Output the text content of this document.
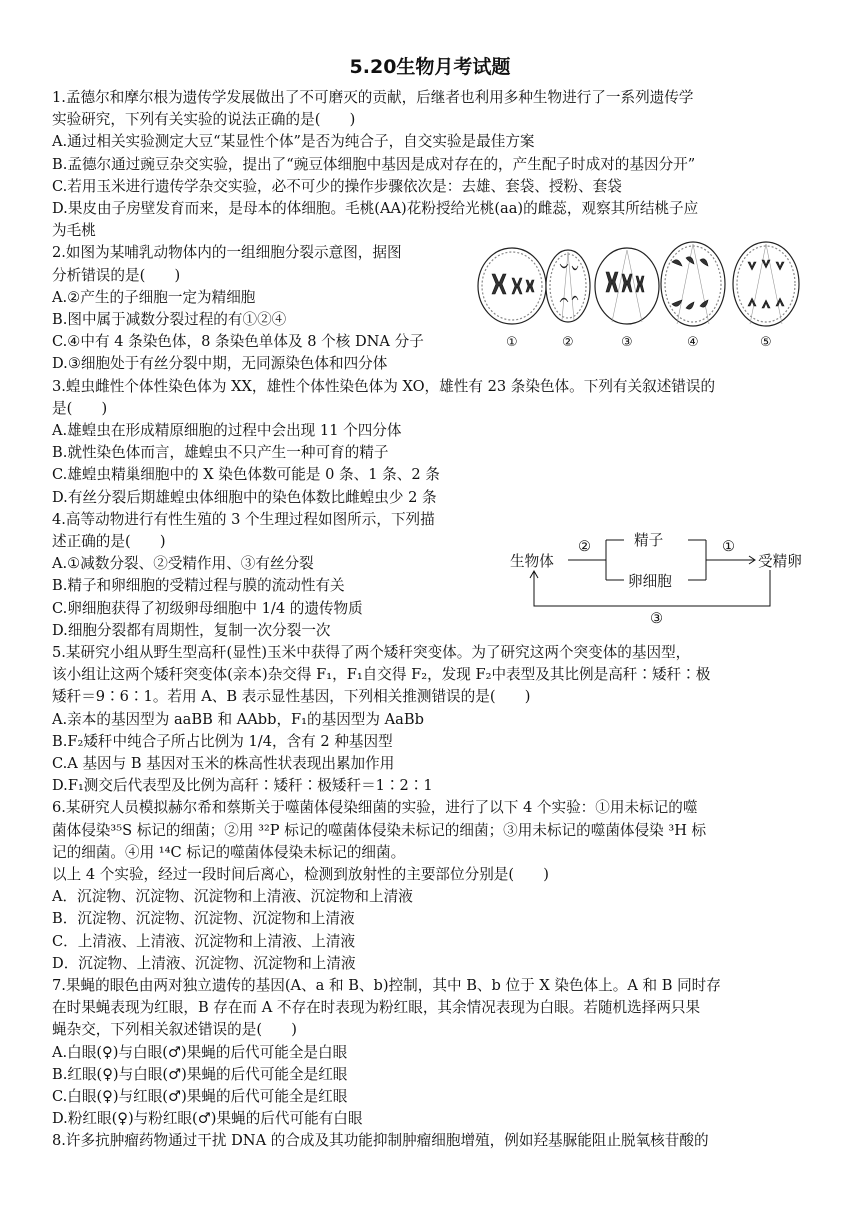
5.20生物月考试题
1.孟德尔和摩尔根为遗传学发展做出了不可磨灭的贡献，后继者也利用多种生物进行了一系列遗传学
实验研究，下列有关实验的说法正确的是(　　)
A.通过相关实验测定大豆“某显性个体”是否为纯合子，自交实验是最佳方案
B.孟德尔通过豌豆杂交实验，提出了“豌豆体细胞中基因是成对存在的，产生配子时成对的基因分开”
C.若用玉米进行遗传学杂交实验，必不可少的操作步骤依次是：去雄、套袋、授粉、套袋
D.果皮由子房壁发育而来，是母本的体细胞。毛桃(AA)花粉授给光桃(aa)的雌蕊，观察其所结桃子应
为毛桃
2.如图为某哺乳动物体内的一组细胞分裂示意图，据图
分析错误的是(　　)
A.②产生的子细胞一定为精细胞
B.图中属于减数分裂过程的有①②④
C.④中有 4 条染色体，8 条染色单体及 8 个核 DNA 分子
D.③细胞处于有丝分裂中期，无同源染色体和四分体
3.蝗虫雌性个体性染色体为 XX，雄性个体性染色体为 XO，雄性有 23 条染色体。下列有关叙述错误的
是(　　)
A.雄蝗虫在形成精原细胞的过程中会出现 11 个四分体
B.就性染色体而言，雄蝗虫不只产生一种可育的精子
C.雄蝗虫精巢细胞中的 X 染色体数可能是 0 条、1 条、2 条
D.有丝分裂后期雄蝗虫体细胞中的染色体数比雌蝗虫少 2 条
4.高等动物进行有性生殖的 3 个生理过程如图所示，下列描
述正确的是(　　)
A.①减数分裂、②受精作用、③有丝分裂
B.精子和卵细胞的受精过程与膜的流动性有关
C.卵细胞获得了初级卵母细胞中 1/4 的遗传物质
D.细胞分裂都有周期性，复制一次分裂一次
5.某研究小组从野生型高秆(显性)玉米中获得了两个矮秆突变体。为了研究这两个突变体的基因型，
该小组让这两个矮秆突变体(亲本)杂交得 F₁，F₁自交得 F₂，发现 F₂中表型及其比例是高秆∶矮秆∶极
矮秆＝9∶6∶1。若用 A、B 表示显性基因，下列相关推测错误的是(　　)
A.亲本的基因型为 aaBB 和 AAbb，F₁的基因型为 AaBb
B.F₂矮秆中纯合子所占比例为 1/4，含有 2 种基因型
C.A 基因与 B 基因对玉米的株高性状表现出累加作用
D.F₁测交后代表型及比例为高秆∶矮秆∶极矮秆＝1∶2∶1
6.某研究人员模拟赫尔希和蔡斯关于噬菌体侵染细菌的实验，进行了以下 4 个实验：①用未标记的噬
菌体侵染³⁵S 标记的细菌；②用 ³²P 标记的噬菌体侵染未标记的细菌；③用未标记的噬菌体侵染 ³H 标
记的细菌。④用 ¹⁴C 标记的噬菌体侵染未标记的细菌。
以上 4 个实验，经过一段时间后离心，检测到放射性的主要部位分别是(　　)
A．沉淀物、沉淀物、沉淀物和上清液、沉淀物和上清液
B．沉淀物、沉淀物、沉淀物、沉淀物和上清液
C．上清液、上清液、沉淀物和上清液、上清液
D．沉淀物、上清液、沉淀物、沉淀物和上清液
7.果蝇的眼色由两对独立遗传的基因(A、a 和 B、b)控制，其中 B、b 位于 X 染色体上。A 和 B 同时存
在时果蝇表现为红眼，B 存在而 A 不存在时表现为粉红眼，其余情况表现为白眼。若随机选择两只果
蝇杂交，下列相关叙述错误的是(　　)
A.白眼(♀)与白眼(♂)果蝇的后代可能全是白眼
B.红眼(♀)与白眼(♂)果蝇的后代可能全是红眼
C.白眼(♀)与红眼(♂)果蝇的后代可能全是红眼
D.粉红眼(♀)与粉红眼(♂)果蝇的后代可能有白眼
8.许多抗肿瘤药物通过干扰 DNA 的合成及其功能抑制肿瘤细胞增殖，例如羟基脲能阻止脱氧核苷酸的
①	②	③	④	⑤
生物体
②	精子
卵细胞
①
受精卵
③
